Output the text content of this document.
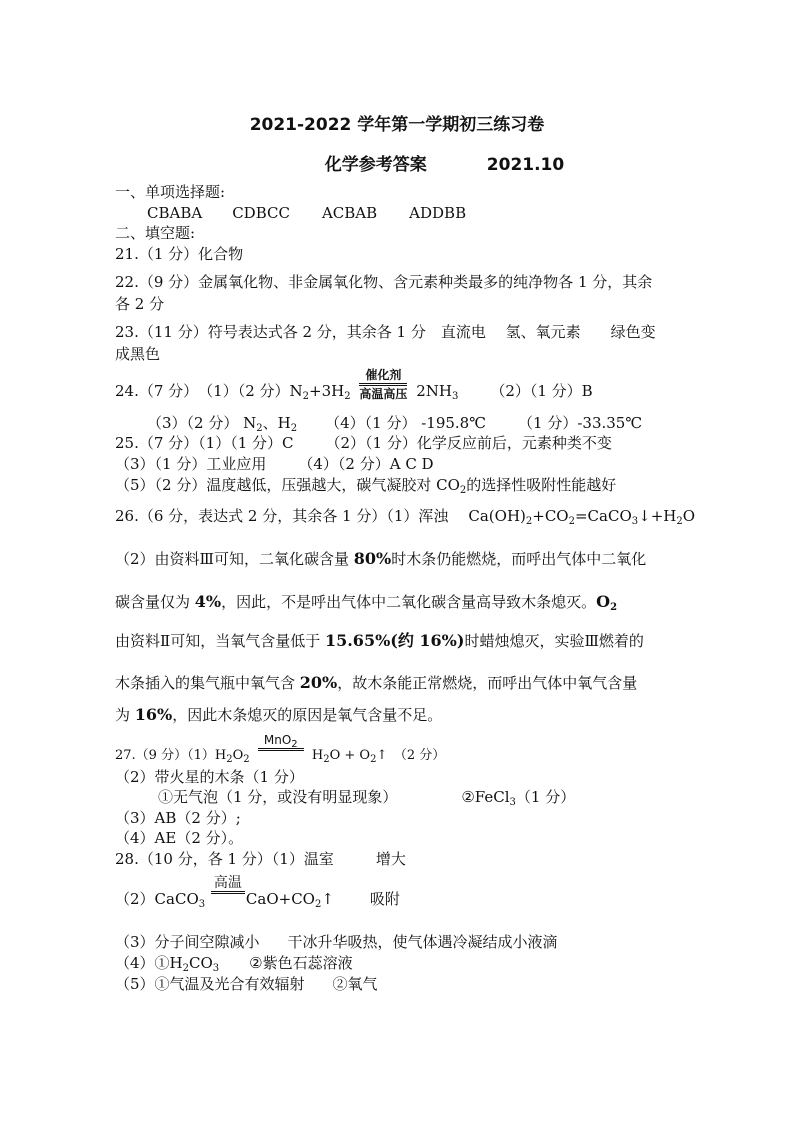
2021-2022 学年第一学期初三练习卷
化学参考答案	2021.10
一、单项选择题:
CBABA CDBCC ACBAB ADDBB
二、填空题:
21.（1 分）化合物
22.（9 分）金属氧化物、非金属氧化物、含元素种类最多的纯净物各 1 分，其余
各 2 分
23.（11 分）符号表达式各 2 分，其余各 1 分　直流电　 氢、氧元素　　绿色变
成黑色
24.（7 分）　（1）（2 分）$N_2+3H_2$
催化剂
高温高压 $2NH_3$ （2）（1 分）B
（3）（2 分） $N_2$、$H_2$ （4）（1 分） -195.8℃ （1 分）-33.35℃
25.（7 分）（1）（1 分）C （2）（1 分）化学反应前后，元素种类不变
（3）（1 分）工业应用 （4）（2 分）A C D
（5）（2 分）温度越低，压强越大，碳气凝胶对 $CO_2$的选择性吸附性能越好
26.（6 分，表达式 2 分，其余各 1 分）（1）浑浊 $Ca(OH)_2+CO_2=CaCO_3↓+H_2O$
（2）由资料Ⅲ可知，二氧化碳含量 80%时木条仍能燃烧，而呼出气体中二氧化
碳含量仅为 4%，因此，不是呼出气体中二氧化碳含量高导致木条熄灭。$O_2$
由资料Ⅱ可知，当氧气含量低于 15.65%(约 16%)时蜡烛熄灭，实验Ⅲ燃着的
木条插入的集气瓶中氧气含 20%，故木条能正常燃烧，而呼出气体中氧气含量
为 16%，因此木条熄灭的原因是氧气含量不足。
27.（9 分）$(1)H_2O_2$
MnO$_2$

$H_2O$ + $O_2↑$　（2 分）
（2）带火星的木条（1 分）
①无气泡（1 分，或没有明显现象）	②FeCl$_3$（1 分）
（3）AB（2 分）;
（4）AE（2 分）。
28.（10 分，各 1 分）（1）温室	增大
（2）CaCO$_3$
高温

$CaO+CO_2↑$ 吸附
（3）分子间空隙减小 干冰升华吸热，使气体遇冷凝结成小液滴
$(4)①H_2CO_3$ ②紫色石蕊溶液
（5）①气温及光合有效辐射 ②氧气
